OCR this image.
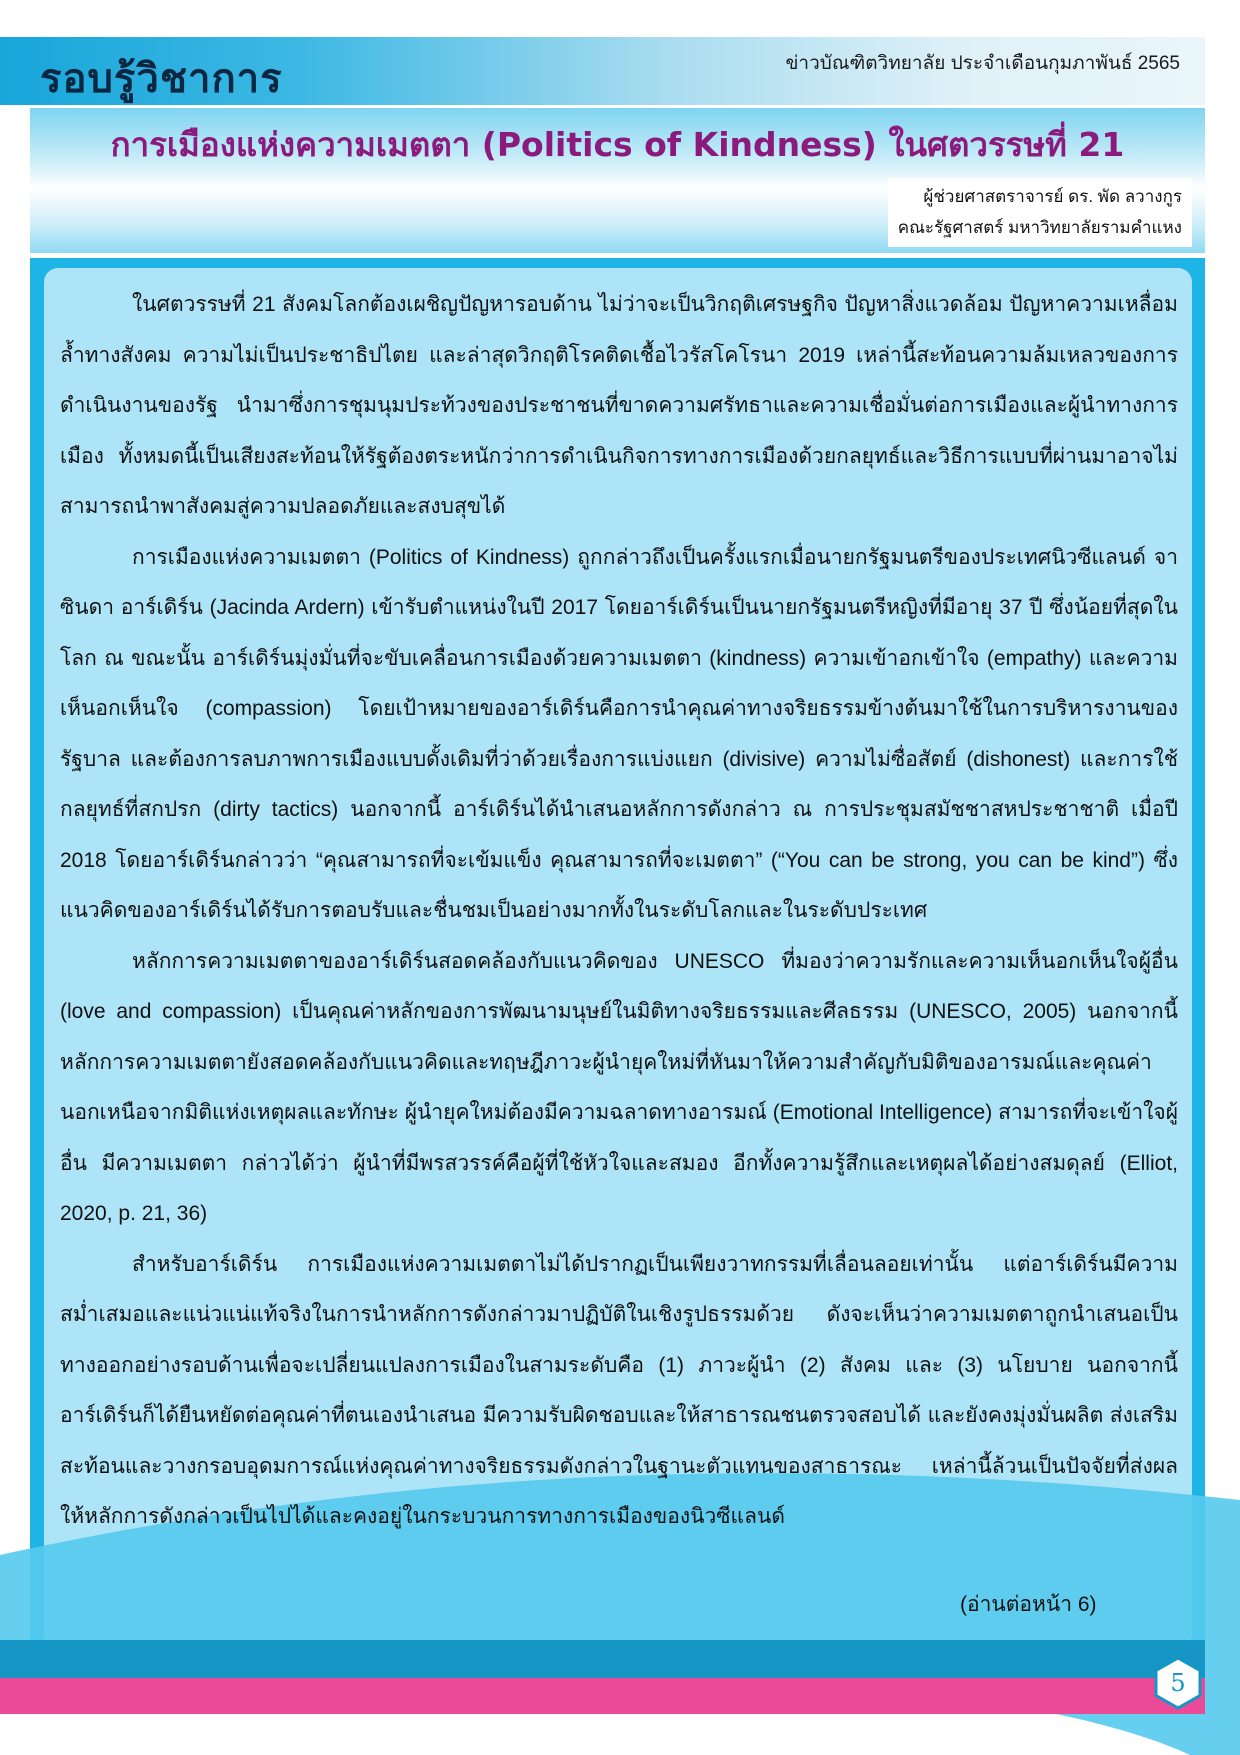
รอบรู้วิชาการ	ข่าวบัณฑิตวิทยาลัย ประจำเดือนกุมภาพันธ์ 2565
การเมืองแห่งความเมตตา (Politics of Kindness) ในศตวรรษที่ 21
ผู้ช่วยศาสตราจารย์ ดร. พัด ลวางกูร
คณะรัฐศาสตร์ มหาวิทยาลัยรามคำแหง

ในศตวรรษที่ 21 สังคมโลกต้องเผชิญปัญหารอบด้าน ไม่ว่าจะเป็นวิกฤติเศรษฐกิจ ปัญหาสิ่งแวดล้อม ปัญหาความเหลื่อมล้ำทางสังคม ความไม่เป็นประชาธิปไตย และล่าสุดวิกฤติโรคติดเชื้อไวรัสโคโรนา 2019 เหล่านี้สะท้อนความล้มเหลวของการดำเนินงานของรัฐ นำมาซึ่งการชุมนุมประท้วงของประชาชนที่ขาดความศรัทธาและความเชื่อมั่นต่อการเมืองและผู้นำทางการเมือง ทั้งหมดนี้เป็นเสียงสะท้อนให้รัฐต้องตระหนักว่าการดำเนินกิจการทางการเมืองด้วยกลยุทธ์และวิธีการแบบที่ผ่านมาอาจไม่สามารถนำพาสังคมสู่ความปลอดภัยและสงบสุขได้

การเมืองแห่งความเมตตา (Politics of Kindness) ถูกกล่าวถึงเป็นครั้งแรกเมื่อนายกรัฐมนตรีของประเทศนิวซีแลนด์ จาซินดา อาร์เดิร์น (Jacinda Ardern) เข้ารับตำแหน่งในปี 2017 โดยอาร์เดิร์นเป็นนายกรัฐมนตรีหญิงที่มีอายุ 37 ปี ซึ่งน้อยที่สุดในโลก ณ ขณะนั้น อาร์เดิร์นมุ่งมั่นที่จะขับเคลื่อนการเมืองด้วยความเมตตา (kindness) ความเข้าอกเข้าใจ (empathy) และความเห็นอกเห็นใจ (compassion) โดยเป้าหมายของอาร์เดิร์นคือการนำคุณค่าทางจริยธรรมข้างต้นมาใช้ในการบริหารงานของรัฐบาล และต้องการลบภาพการเมืองแบบดั้งเดิมที่ว่าด้วยเรื่องการแบ่งแยก (divisive) ความไม่ซื่อสัตย์ (dishonest) และการใช้กลยุทธ์ที่สกปรก (dirty tactics) นอกจากนี้ อาร์เดิร์นได้นำเสนอหลักการดังกล่าว ณ การประชุมสมัชชาสหประชาชาติ เมื่อปี 2018 โดยอาร์เดิร์นกล่าวว่า “คุณสามารถที่จะเข้มแข็ง คุณสามารถที่จะเมตตา” (“You can be strong, you can be kind”) ซึ่งแนวคิดของอาร์เดิร์นได้รับการตอบรับและชื่นชมเป็นอย่างมากทั้งในระดับโลกและในระดับประเทศ

หลักการความเมตตาของอาร์เดิร์นสอดคล้องกับแนวคิดของ UNESCO ที่มองว่าความรักและความเห็นอกเห็นใจผู้อื่น (love and compassion) เป็นคุณค่าหลักของการพัฒนามนุษย์ในมิติทางจริยธรรมและศีลธรรม (UNESCO, 2005) นอกจากนี้ หลักการความเมตตายังสอดคล้องกับแนวคิดและทฤษฎีภาวะผู้นำยุคใหม่ที่หันมาให้ความสำคัญกับมิติของอารมณ์และคุณค่านอกเหนือจากมิติแห่งเหตุผลและทักษะ ผู้นำยุคใหม่ต้องมีความฉลาดทางอารมณ์ (Emotional Intelligence) สามารถที่จะเข้าใจผู้อื่น มีความเมตตา กล่าวได้ว่า ผู้นำที่มีพรสวรรค์คือผู้ที่ใช้หัวใจและสมอง อีกทั้งความรู้สึกและเหตุผลได้อย่างสมดุลย์ (Elliot, 2020, p. 21, 36)

สำหรับอาร์เดิร์น การเมืองแห่งความเมตตาไม่ได้ปรากฏเป็นเพียงวาทกรรมที่เลื่อนลอยเท่านั้น แต่อาร์เดิร์นมีความสม่ำเสมอและแน่วแน่แท้จริงในการนำหลักการดังกล่าวมาปฏิบัติในเชิงรูปธรรมด้วย ดังจะเห็นว่าความเมตตาถูกนำเสนอเป็นทางออกอย่างรอบด้านเพื่อจะเปลี่ยนแปลงการเมืองในสามระดับคือ (1) ภาวะผู้นำ (2) สังคม และ (3) นโยบาย นอกจากนี้ อาร์เดิร์นก็ได้ยืนหยัดต่อคุณค่าที่ตนเองนำเสนอ มีความรับผิดชอบและให้สาธารณชนตรวจสอบได้ และยังคงมุ่งมั่นผลิต ส่งเสริม สะท้อนและวางกรอบอุดมการณ์แห่งคุณค่าทางจริยธรรมดังกล่าวในฐานะตัวแทนของสาธารณะ เหล่านี้ล้วนเป็นปัจจัยที่ส่งผลให้หลักการดังกล่าวเป็นไปได้และคงอยู่ในกระบวนการทางการเมืองของนิวซีแลนด์

(อ่านต่อหน้า 6)
5
